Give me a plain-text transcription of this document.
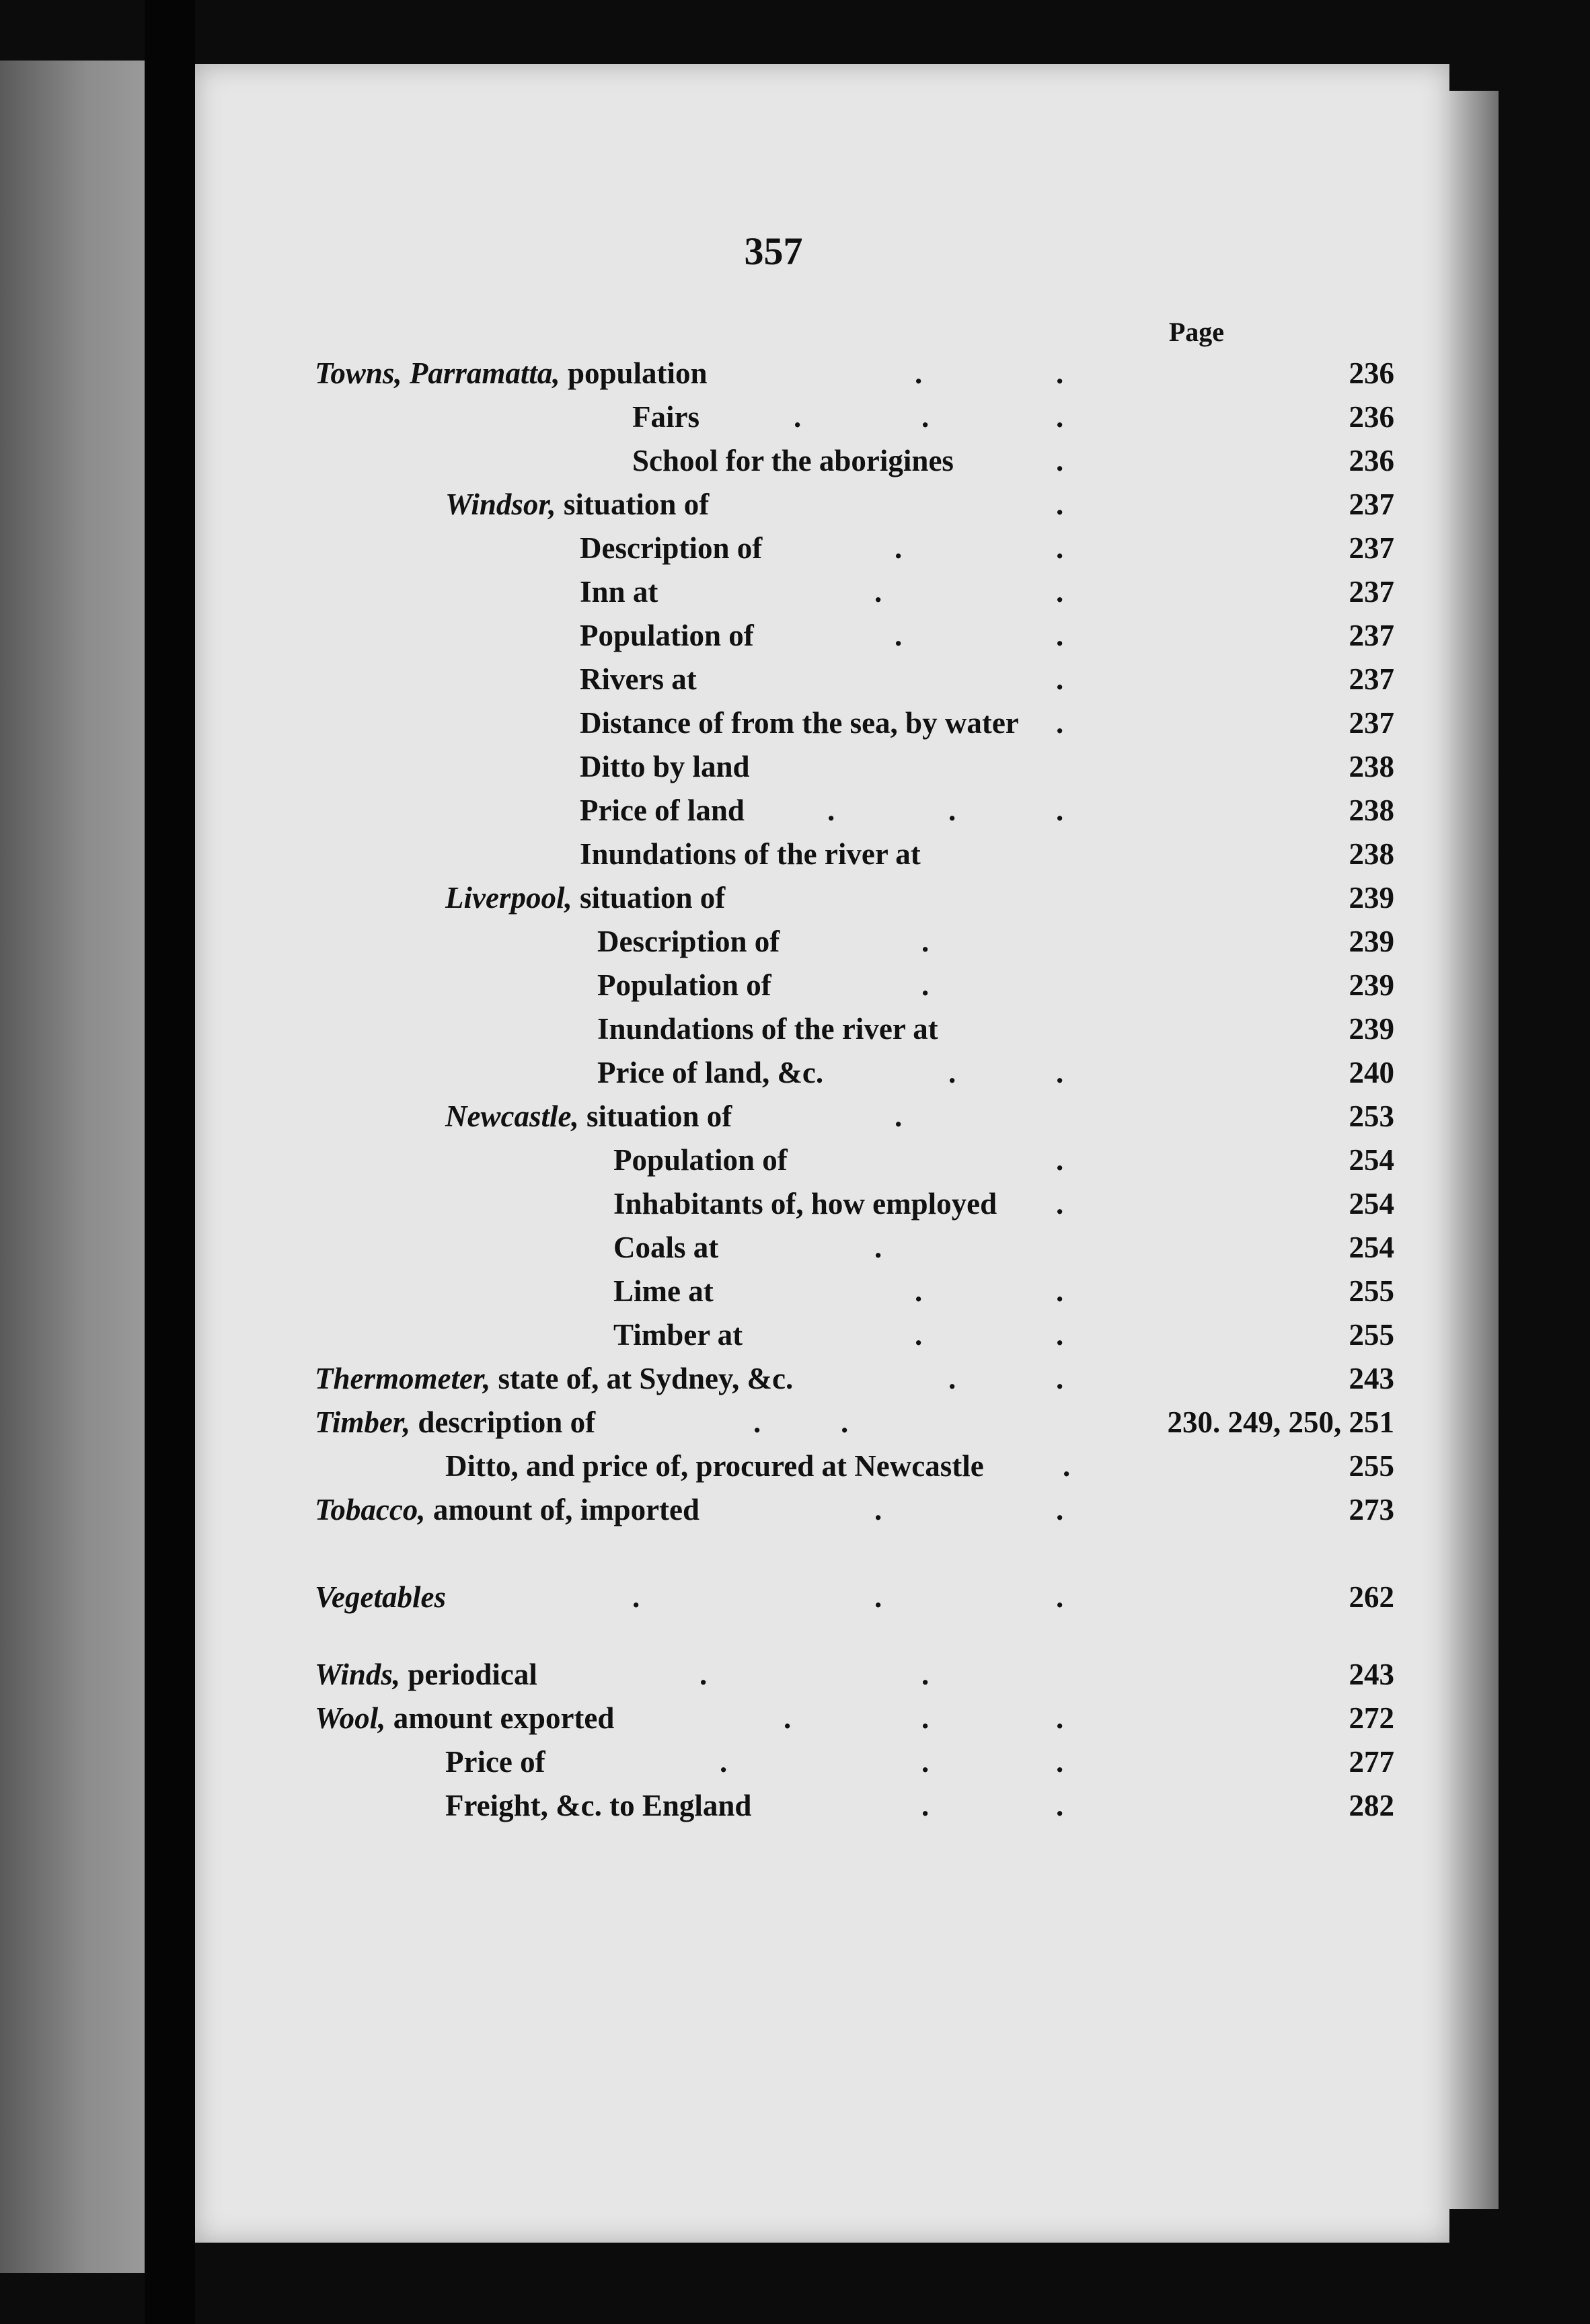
357
Page
Towns, Parramatta, population	.	.	236
Fairs	.	.	.	236
School for the aborigines	.	236
Windsor, situation of	.	237
Description of	.	.	237
Inn at	.	.	237
Population of	.	.	237
Rivers at	.	237
Distance of from the sea, by water .	237
Ditto by land	238
Price of land	.	.	.	238
Inundations of the river at	238
Liverpool, situation of	239
Description of	.	239
Population of	.	239
Inundations of the river at	239
Price of land, &c.	.	.	240
Newcastle, situation of	.	253
Population of	.	254
Inhabitants of, how employed .	254
Coals at	.	254
Lime at	.	.	255
Timber at	.	.	255
Thermometer, state of, at Sydney, &c.	.	.	243
Timber, description of	.	.	230. 249, 250, 251
Ditto, and price of, procured at Newcastle	.	255
Tobacco, amount of, imported	.	.	273
Vegetables	.	.	.	262
Winds, periodical	.	.	243
Wool, amount exported	.	.	.	272
Price of	.	.	.	277
Freight, &c. to England	.	.	282
